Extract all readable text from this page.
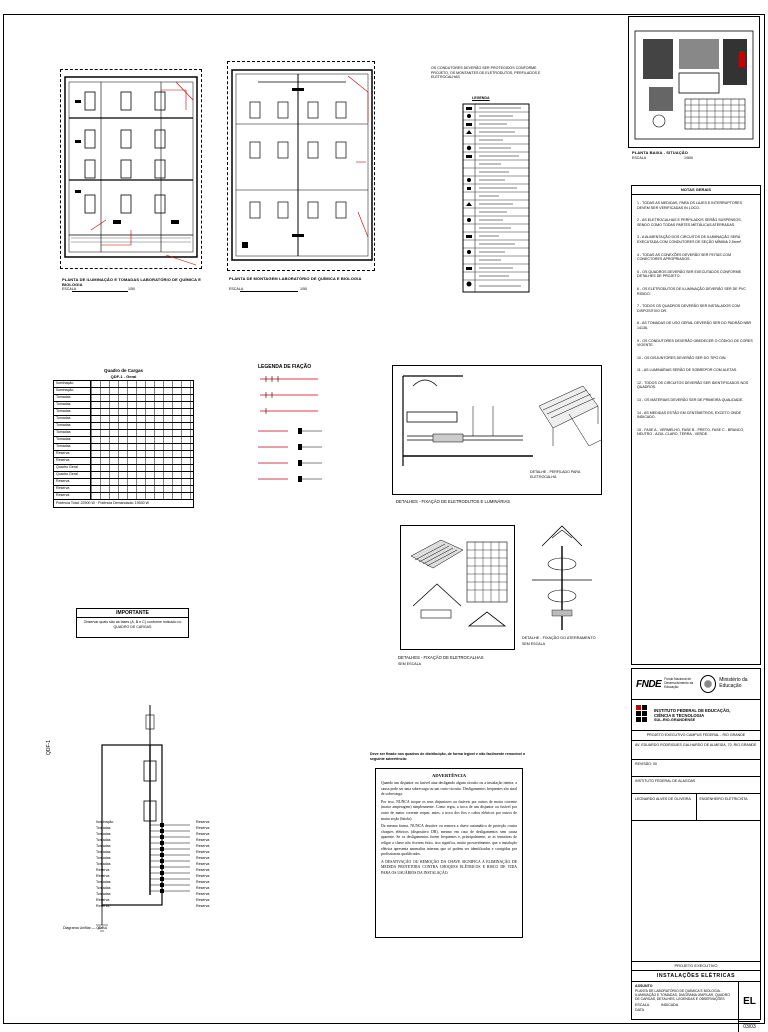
PLANTA DE ILUMINAÇÃO E TOMADAS LABORATÓRIO DE QUÍMICA E BIOLOGIA
ESCALA	1/50
PLANTA DE MONTAGEM LABORATÓRIO DE QUÍMICA E BIOLOGIA
ESCALA	1/50
OS CONDUTORES DEVERÃO SER PROTEGIDOS CONFORME PROJETO, OS MONTANTES DE ELETRODUTOS, PERFILADOS E ELETROCALHAS
LEGENDA
PLANTA BAIXA - SITUAÇÃO
ESCALA	1/500
NOTAS GERAIS
1 - TODAS AS MEDIDAS, PARA OS LAJES E INTERRUPTORES DEVEM SER VERIFICADAS IN LOCO.
2 - AS ELETROCALHAS E PERFILADOS SERÃO SUSPENSOS, SENDO COMO TODAS PARTES METÁLICAS ATERRADAS.
3 - A ALIMENTAÇÃO DOS CIRCUITOS DE ILUMINAÇÃO SERÁ EXECUTADA COM CONDUTORES DE SEÇÃO MÍNIMA 2,5mm².
4 - TODAS AS CONEXÕES DEVERÃO SER FEITAS COM CONECTORES APROPRIADOS.
5 - OS QUADROS DEVERÃO SER EXECUTADOS CONFORME DETALHES DE PROJETO.
6 - OS ELETRODUTOS DE ILUMINAÇÃO DEVERÃO SER DE PVC RÍGIDO.
7 - TODOS OS QUADROS DEVERÃO SER INSTALADOS COM DISPOSITIVO DR.
8 - AS TOMADAS DE USO GERAL DEVERÃO SER DO PADRÃO NBR 14136.
9 - OS CONDUTORES DEVERÃO OBEDECER O CÓDIGO DE CORES VIGENTE.
10 - OS DISJUNTORES DEVERÃO SER DO TIPO DIN.
11 - AS LUMINÁRIAS SERÃO DE SOBREPOR COM ALETAS.
12 - TODOS OS CIRCUITOS DEVERÃO SER IDENTIFICADOS NOS QUADROS.
13 - OS MATERIAIS DEVERÃO SER DE PRIMEIRA QUALIDADE.
14 - AS MEDIDAS ESTÃO EM CENTÍMETROS, EXCETO ONDE INDICADO.
15 - FASE A - VERMELHO, FASE B - PRETO, FASE C - BRANCO, NEUTRO - AZUL CLARO, TERRA - VERDE.
Quadro de Cargas
QDF-1 - Geral
Iluminação
Iluminação
Tomadas
Tomadas
Tomadas
Tomadas
Tomadas
Tomadas
Tomadas
Tomadas
Reserva
Reserva
Quadro Geral
Quadro Geral
Reserva
Reserva
Reserva
Potência Total: 22900 W · Potência Demandada: 19530 W
LEGENDA DE FIAÇÃO
DETALHES - FIXAÇÃO DE ELETRODUTOS E LUMINÁRIAS
DETALHE - PERFILADO PARA ELETROCALHA
DETALHES - FIXAÇÃO DE ELETROCALHAS
SEM ESCALA
DETALHE - FIXAÇÃO DO ATERRAMENTO
SEM ESCALA
IMPORTANTE
Observar quais são as fases (A, B e C) conforme indicado no QUADRO DE CARGAS
QDF-1
Iluminação
Tomadas
Tomadas
Tomadas
Tomadas
Tomadas
Tomadas
Tomadas
Reserva
Reserva
Tomadas
Tomadas
Tomadas
Reserva
Reserva
Reserva
Reserva
Reserva
Reserva
Reserva
Reserva
Reserva
Reserva
Reserva
Reserva
Reserva
Reserva
Reserva
Reserva
Reserva
Diagrama Unifilar — QDF-1
Deve ser fixado nos quadros de distribuição, de forma legível e não facilmente removível o seguinte advertência:
ADVERTÊNCIA
Quando um disjuntor ou fusível atua desligando algum circuito ou a instalação inteira, a causa pode ser uma sobrecarga ou um curto-circuito. Desligamentos frequentes são sinal de sobrecarga.
Por isso, NUNCA troque os seus disjuntores ou fusíveis por outros de maior corrente (maior amperagem) simplesmente. Como regra, a troca de um disjuntor ou fusível por outro de maior corrente requer, antes, a troca dos fios e cabos elétricos por outros de maior seção (bitola).
Da mesma forma, NUNCA desative ou remova a chave automática de proteção contra choques elétricos (dispositivo DR), mesmo em caso de desligamentos sem causa aparente. Se os desligamentos forem frequentes e, principalmente, se as tentativas de religar a chave não tiverem êxito, isso significa, muito provavelmente, que a instalação elétrica apresenta anomalias internas que só podem ser identificadas e corrigidas por profissionais qualificados.
A DESATIVAÇÃO OU REMOÇÃO DA CHAVE SIGNIFICA A ELIMINAÇÃO DE MEDIDA PROTETORA CONTRA CHOQUES ELÉTRICOS E RISCO DE VIDA PARA OS USUÁRIOS DA INSTALAÇÃO.
FNDE Fundo Nacional de Desenvolvimento da Educação
Ministério da Educação
INSTITUTO FEDERAL DE EDUCAÇÃO, CIÊNCIA E TECNOLOGIA
SUL-RIO-GRANDENSE
PROJETO EXECUTIVO CAMPUS FEDERAL - RIO GRANDE
AV. EDUARDO RODRIGUES GALHARDO DE ALMEIDA, 70, RIO GRANDE
REVISÃO: 00
INSTITUTO FEDERAL DE ALAGOAS
LEONARDO ALVES DE OLIVEIRA	ENGENHEIRO ELETRICISTA
PROJETO EXECUTIVO
INSTALAÇÕES ELÉTRICAS
ASSUNTO
PLANTA DE LABORATÓRIO DE QUÍMICA E BIOLOGIA - ILUMINAÇÃO E TOMADAS, DIAGRAMA UNIFILAR, QUADRO DE CARGAS, DETALHES, LEGENDAS E OBSERVAÇÕES
ESCALA	INDICADA
DATA
EL
03/03
